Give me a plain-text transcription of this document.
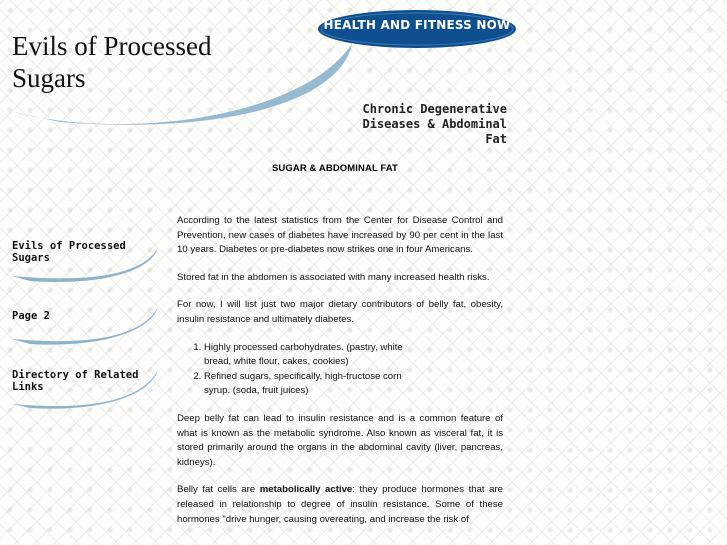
Evils of Processed
Sugars
HEALTH AND FITNESS NOW
Chronic Degenerative
Diseases & Abdominal
Fat
SUGAR & ABDOMINAL FAT
Evils of Processed
Sugars
Page 2
Directory of Related
Links

According to the latest statistics from the Center for Disease Control and Prevention, new cases of diabetes have increased by 90 per cent in the last 10 years. Diabetes or pre-diabetes now strikes one in four Americans.

Stored fat in the abdomen is associated with many increased health risks.

For now, I will list just two major dietary contributors of belly fat, obesity, insulin resistance and ultimately diabetes.

1. Highly processed carbohydrates. (pastry, white bread, white flour, cakes, cookies)
2. Refined sugars, specifically, high-fructose corn syrup. (soda, fruit juices)

Deep belly fat can lead to insulin resistance and is a common feature of what is known as the metabolic syndrome. Also known as visceral fat, it is stored primarily around the organs in the abdominal cavity (liver, pancreas, kidneys).

Belly fat cells are metabolically active: they produce hormones that are released in relationship to degree of insulin resistance. Some of these hormones "drive hunger, causing overeating, and increase the risk of
